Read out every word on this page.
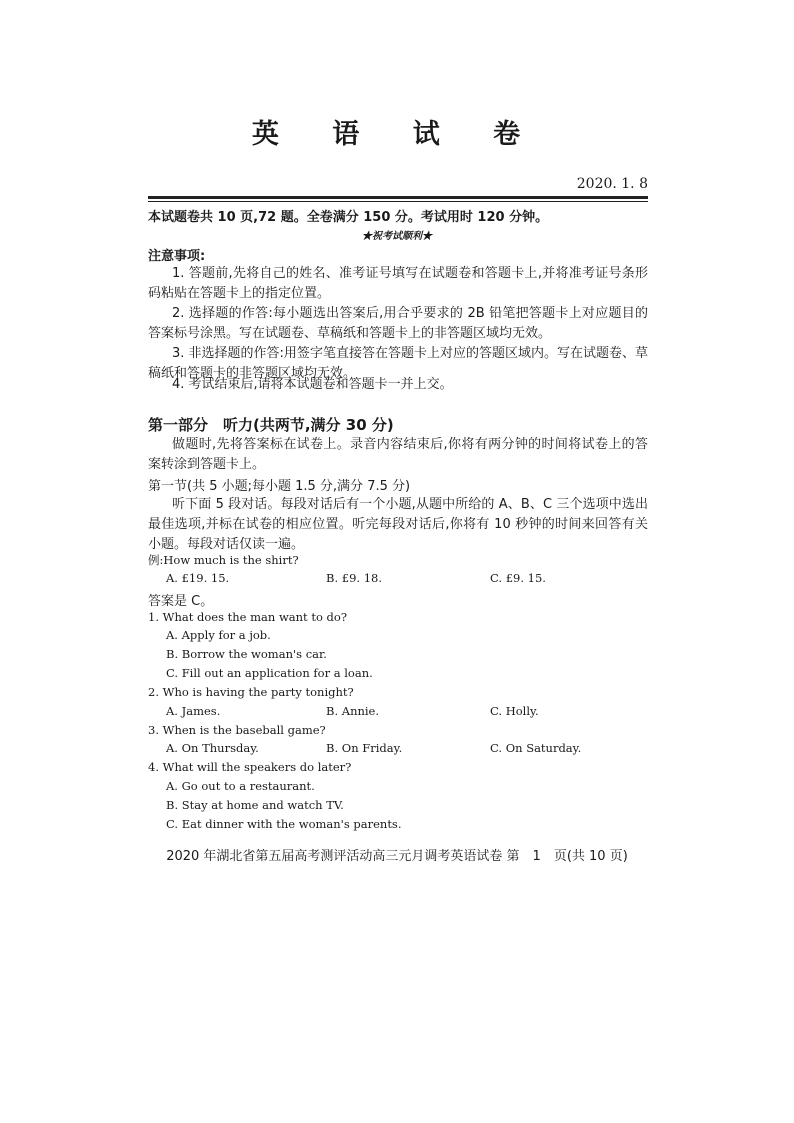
英 语 试 卷
2020. 1. 8
本试题卷共 10 页,72 题。全卷满分 150 分。考试用时 120 分钟。
★祝考试顺利★
注意事项:

1. 答题前,先将自己的姓名、准考证号填写在试题卷和答题卡上,并将准考证号条形码粘贴在答题卡上的指定位置。

2. 选择题的作答:每小题选出答案后,用合乎要求的 2B 铅笔把答题卡上对应题目的答案标号涂黑。写在试题卷、草稿纸和答题卡上的非答题区域均无效。

3. 非选择题的作答:用签字笔直接答在答题卡上对应的答题区域内。写在试题卷、草稿纸和答题卡的非答题区域均无效。

4. 考试结束后,请将本试题卷和答题卡一并上交。

第一部分　听力(共两节,满分 30 分)

做题时,先将答案标在试卷上。录音内容结束后,你将有两分钟的时间将试卷上的答案转涂到答题卡上。

第一节(共 5 小题;每小题 1.5 分,满分 7.5 分)

听下面 5 段对话。每段对话后有一个小题,从题中所给的 A、B、C 三个选项中选出最佳选项,并标在试卷的相应位置。听完每段对话后,你将有 10 秒钟的时间来回答有关小题。每段对话仅读一遍。

例:How much is the shirt?
A. £19. 15.	B. £9. 18.	C. £9. 15.
答案是 C。
1. What does the man want to do?
A. Apply for a job.
B. Borrow the woman's car.
C. Fill out an application for a loan.
2. Who is having the party tonight?
A. James.	B. Annie.	C. Holly.
3. When is the baseball game?
A. On Thursday.	B. On Friday.	C. On Saturday.
4. What will the speakers do later?
A. Go out to a restaurant.
B. Stay at home and watch TV.
C. Eat dinner with the woman's parents.
2020 年湖北省第五届高考测评活动高三元月调考英语试卷 第　1　页(共 10 页)
